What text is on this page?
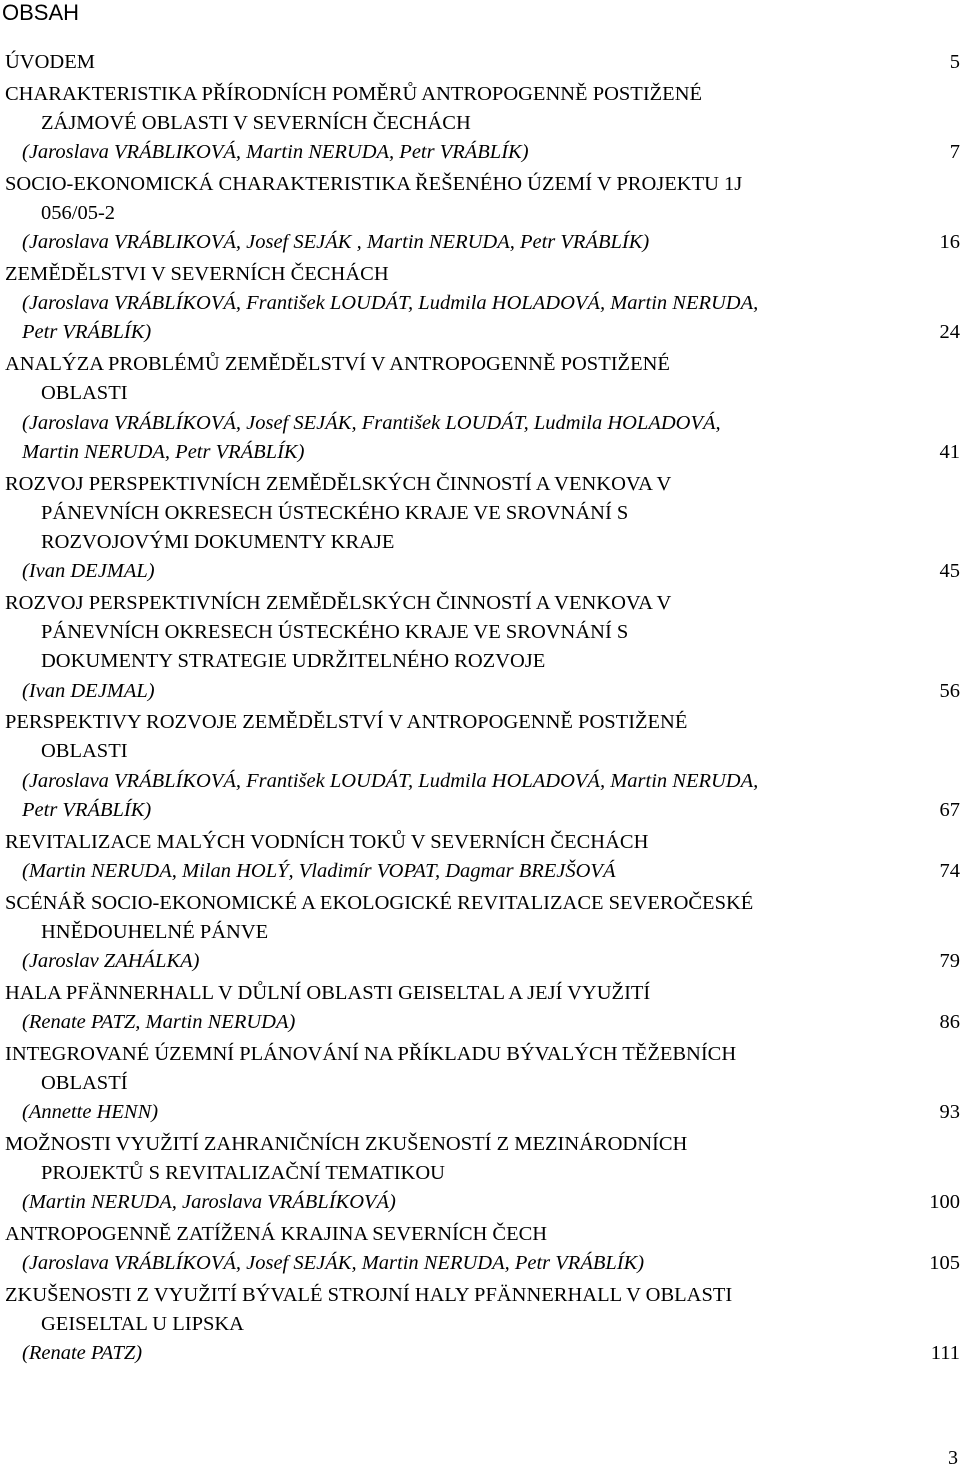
OBSAH
ÚVODEM	5
CHARAKTERISTIKA PŘÍRODNÍCH POMĚRŮ ANTROPOGENNĚ POSTIŽENÉ
ZÁJMOVÉ OBLASTI V SEVERNÍCH ČECHÁCH
(Jaroslava VRÁBLIKOVÁ, Martin NERUDA, Petr VRÁBLÍK)	7
SOCIO-EKONOMICKÁ CHARAKTERISTIKA ŘEŠENÉHO ÚZEMÍ V PROJEKTU 1J
056/05-2
(Jaroslava VRÁBLIKOVÁ, Josef SEJÁK , Martin NERUDA, Petr VRÁBLÍK)	16
ZEMĚDĚLSTVI V SEVERNÍCH ČECHÁCH
(Jaroslava VRÁBLÍKOVÁ, František LOUDÁT, Ludmila HOLADOVÁ, Martin NERUDA,
Petr VRÁBLÍK)	24
ANALÝZA PROBLÉMŮ ZEMĚDĚLSTVÍ V ANTROPOGENNĚ POSTIŽENÉ
OBLASTI
(Jaroslava VRÁBLÍKOVÁ, Josef SEJÁK, František LOUDÁT, Ludmila HOLADOVÁ,
Martin NERUDA, Petr VRÁBLÍK)	41
ROZVOJ PERSPEKTIVNÍCH ZEMĚDĚLSKÝCH ČINNOSTÍ A VENKOVA V
PÁNEVNÍCH OKRESECH ÚSTECKÉHO KRAJE VE SROVNÁNÍ S
ROZVOJOVÝMI DOKUMENTY KRAJE
(Ivan DEJMAL)	45
ROZVOJ PERSPEKTIVNÍCH ZEMĚDĚLSKÝCH ČINNOSTÍ A VENKOVA V
PÁNEVNÍCH OKRESECH ÚSTECKÉHO KRAJE VE SROVNÁNÍ S
DOKUMENTY STRATEGIE UDRŽITELNÉHO ROZVOJE
(Ivan DEJMAL)	56
PERSPEKTIVY ROZVOJE ZEMĚDĚLSTVÍ V ANTROPOGENNĚ POSTIŽENÉ
OBLASTI
(Jaroslava VRÁBLÍKOVÁ, František LOUDÁT, Ludmila HOLADOVÁ, Martin NERUDA,
Petr VRÁBLÍK)	67
REVITALIZACE MALÝCH VODNÍCH TOKŮ V SEVERNÍCH ČECHÁCH
(Martin NERUDA, Milan HOLÝ, Vladimír VOPAT, Dagmar BREJŠOVÁ	74
SCÉNÁŘ SOCIO-EKONOMICKÉ A EKOLOGICKÉ REVITALIZACE SEVEROČESKÉ
HNĚDOUHELNÉ PÁNVE
(Jaroslav ZAHÁLKA)	79
HALA PFÄNNERHALL V DŮLNÍ OBLASTI GEISELTAL A JEJÍ VYUŽITÍ
(Renate PATZ, Martin NERUDA)	86
INTEGROVANÉ ÚZEMNÍ PLÁNOVÁNÍ NA PŘÍKLADU BÝVALÝCH TĚŽEBNÍCH
OBLASTÍ
(Annette HENN)	93
MOŽNOSTI VYUŽITÍ ZAHRANIČNÍCH ZKUŠENOSTÍ Z MEZINÁRODNÍCH
PROJEKTŮ S REVITALIZAČNÍ TEMATIKOU
(Martin NERUDA, Jaroslava VRÁBLÍKOVÁ)	100
ANTROPOGENNĚ ZATÍŽENÁ KRAJINA SEVERNÍCH ČECH
(Jaroslava VRÁBLÍKOVÁ, Josef SEJÁK, Martin NERUDA, Petr VRÁBLÍK)	105
ZKUŠENOSTI Z VYUŽITÍ BÝVALÉ STROJNÍ HALY PFÄNNERHALL V OBLASTI
GEISELTAL U LIPSKA
(Renate PATZ)	111
3
